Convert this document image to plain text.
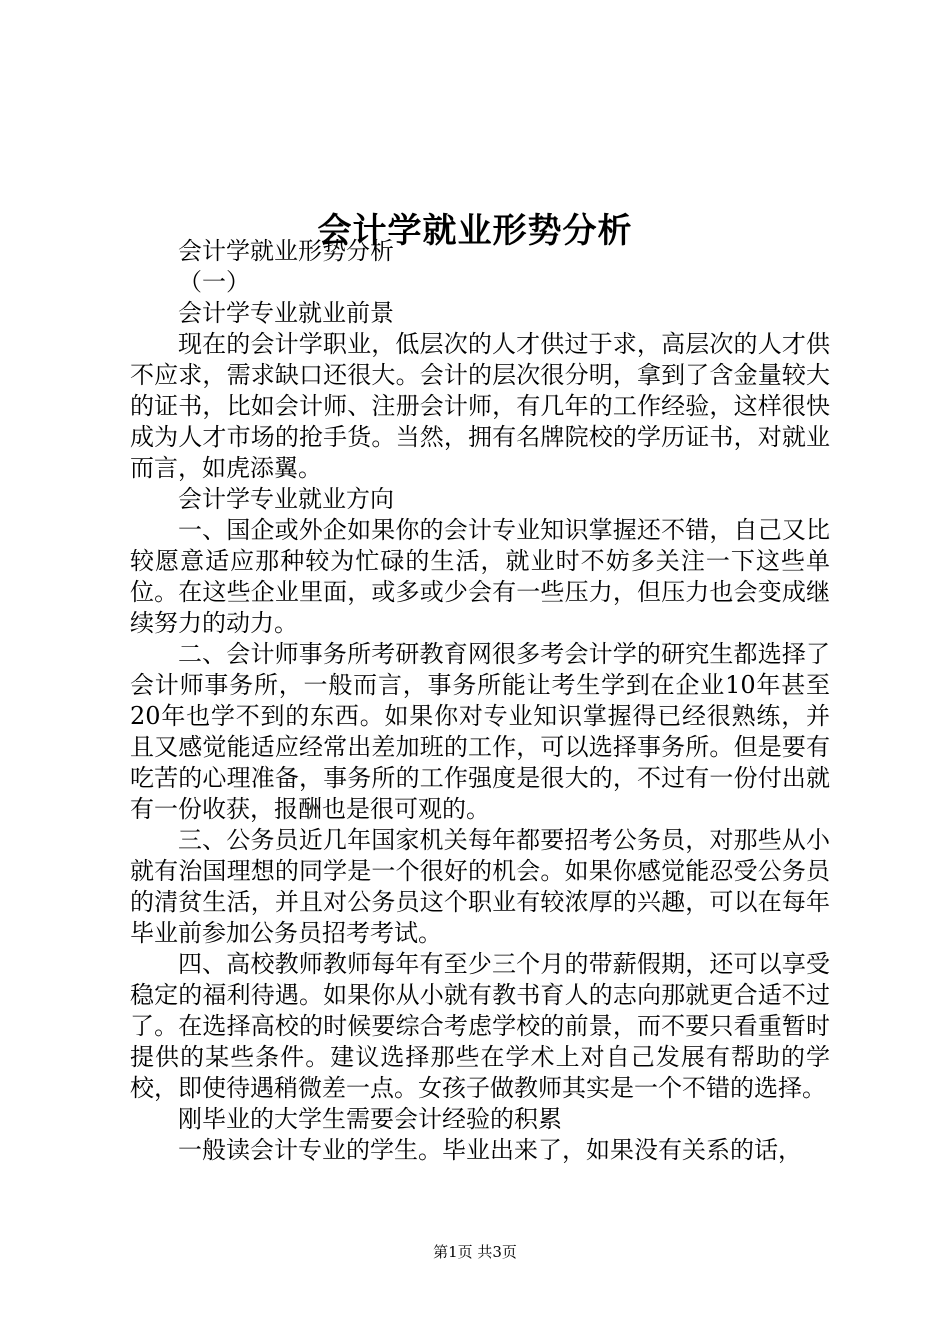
会计学就业形势分析

会计学就业形势分析

（一）

会计学专业就业前景

现在的会计学职业，低层次的人才供过于求，高层次的人才供不应求，需求缺口还很大。会计的层次很分明，拿到了含金量较大的证书，比如会计师、注册会计师，有几年的工作经验，这样很快成为人才市场的抢手货。当然，拥有名牌院校的学历证书，对就业而言，如虎添翼。

会计学专业就业方向

一、国企或外企如果你的会计专业知识掌握还不错，自己又比较愿意适应那种较为忙碌的生活，就业时不妨多关注一下这些单位。在这些企业里面，或多或少会有一些压力，但压力也会变成继续努力的动力。

二、会计师事务所考研教育网很多考会计学的研究生都选择了会计师事务所，一般而言，事务所能让考生学到在企业10年甚至20年也学不到的东西。如果你对专业知识掌握得已经很熟练，并且又感觉能适应经常出差加班的工作，可以选择事务所。但是要有吃苦的心理准备，事务所的工作强度是很大的，不过有一份付出就有一份收获，报酬也是很可观的。

三、公务员近几年国家机关每年都要招考公务员，对那些从小就有治国理想的同学是一个很好的机会。如果你感觉能忍受公务员的清贫生活，并且对公务员这个职业有较浓厚的兴趣，可以在每年毕业前参加公务员招考考试。

四、高校教师教师每年有至少三个月的带薪假期，还可以享受稳定的福利待遇。如果你从小就有教书育人的志向那就更合适不过了。在选择高校的时候要综合考虑学校的前景，而不要只看重暂时提供的某些条件。建议选择那些在学术上对自己发展有帮助的学校，即使待遇稍微差一点。女孩子做教师其实是一个不错的选择。

刚毕业的大学生需要会计经验的积累

一般读会计专业的学生。毕业出来了，如果没有关系的话，

第1页 共3页
